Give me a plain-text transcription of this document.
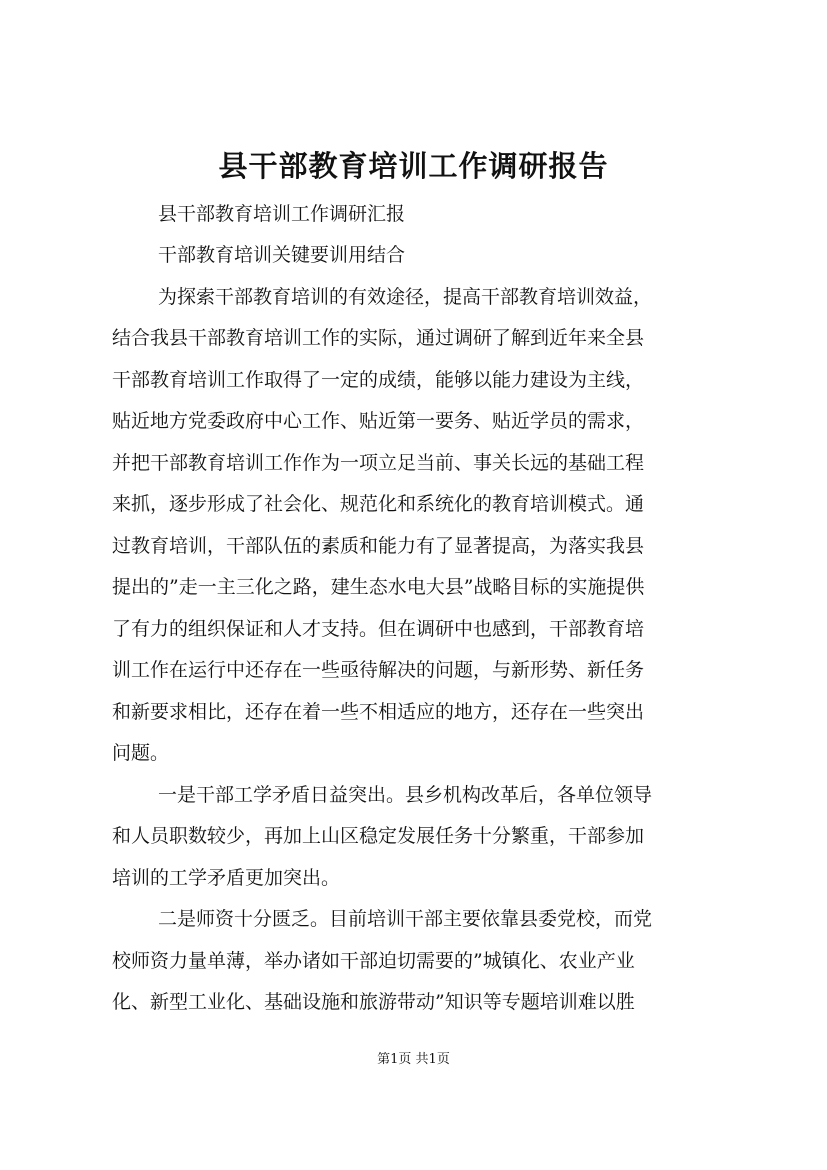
县干部教育培训工作调研报告
县干部教育培训工作调研汇报
干部教育培训关键要训用结合
为探索干部教育培训的有效途径，提高干部教育培训效益，
结合我县干部教育培训工作的实际，通过调研了解到近年来全县
干部教育培训工作取得了一定的成绩，能够以能力建设为主线，
贴近地方党委政府中心工作、贴近第一要务、贴近学员的需求，
并把干部教育培训工作作为一项立足当前、事关长远的基础工程
来抓，逐步形成了社会化、规范化和系统化的教育培训模式。通
过教育培训，干部队伍的素质和能力有了显著提高，为落实我县
提出的”走一主三化之路，建生态水电大县”战略目标的实施提供
了有力的组织保证和人才支持。但在调研中也感到，干部教育培
训工作在运行中还存在一些亟待解决的问题，与新形势、新任务
和新要求相比，还存在着一些不相适应的地方，还存在一些突出
问题。
一是干部工学矛盾日益突出。县乡机构改革后，各单位领导
和人员职数较少，再加上山区稳定发展任务十分繁重，干部参加
培训的工学矛盾更加突出。
二是师资十分匮乏。目前培训干部主要依靠县委党校，而党
校师资力量单薄，举办诸如干部迫切需要的”城镇化、农业产业
化、新型工业化、基础设施和旅游带动”知识等专题培训难以胜
第1页 共1页
